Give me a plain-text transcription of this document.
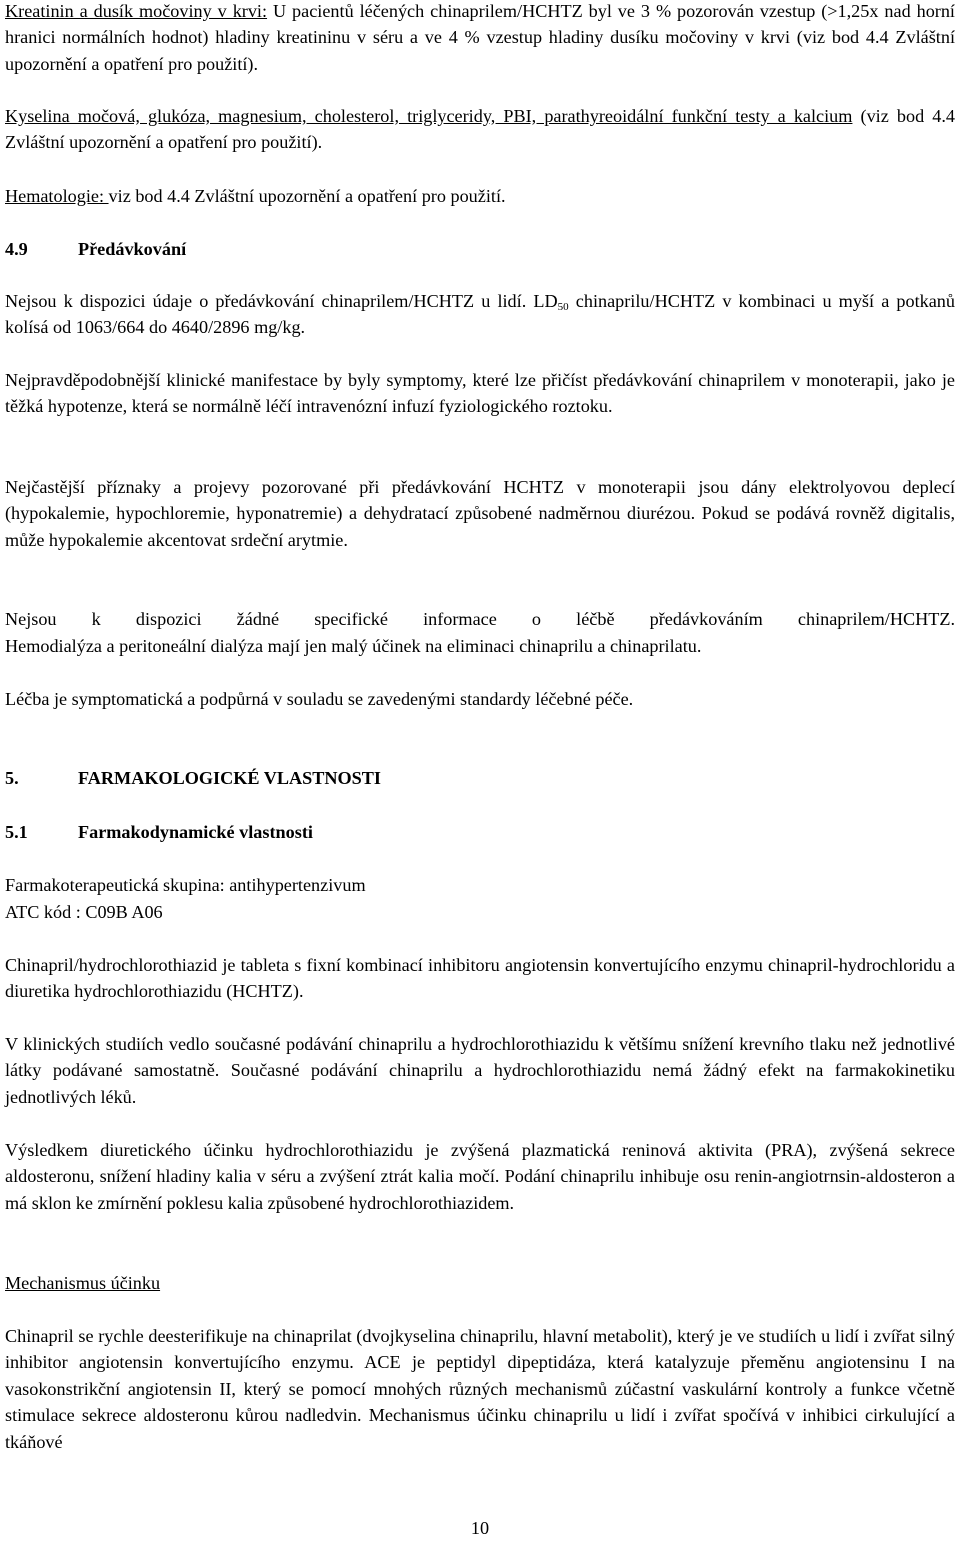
Kreatinin a dusík močoviny v krvi: U pacientů léčených chinaprilem/HCHTZ byl ve 3 % pozorován vzestup (>1,25x nad horní hranici normálních hodnot) hladiny kreatininu v séru a ve 4 % vzestup hladiny dusíku močoviny v krvi (viz bod 4.4 Zvláštní upozornění a opatření pro použití).

Kyselina močová, glukóza, magnesium, cholesterol, triglyceridy, PBI, parathyreoidální funkční testy a kalcium (viz bod 4.4 Zvláštní upozornění a opatření pro použití).

Hematologie: viz bod 4.4 Zvláštní upozornění a opatření pro použití.

4.9	Předávkování

Nejsou k dispozici údaje o předávkování chinaprilem/HCHTZ u lidí. $LD_{50}$ chinaprilu/HCHTZ v kombinaci u myší a potkanů kolísá od 1063/664 do 4640/2896 mg/kg.

Nejpravděpodobnější klinické manifestace by byly symptomy, které lze přičíst předávkování chinaprilem v monoterapii, jako je těžká hypotenze, která se normálně léčí intravenózní infuzí fyziologického roztoku.

Nejčastější příznaky a projevy pozorované při předávkování HCHTZ v monoterapii jsou dány elektrolyovou deplecí (hypokalemie, hypochloremie, hyponatremie) a dehydratací způsobené nadměrnou diurézou. Pokud se podává rovněž digitalis, může hypokalemie akcentovat srdeční arytmie.

Nejsou k dispozici žádné specifické informace o léčbě předávkováním chinaprilem/HCHTZ.

Hemodialýza a peritoneální dialýza mají jen malý účinek na eliminaci chinaprilu a chinaprilatu.

Léčba je symptomatická a podpůrná v souladu se zavedenými standardy léčebné péče.

5.	FARMAKOLOGICKÉ VLASTNOSTI
5.1	Farmakodynamické vlastnosti

Farmakoterapeutická skupina: antihypertenzivum

ATC kód : C09B A06

Chinapril/hydrochlorothiazid je tableta s fixní kombinací inhibitoru angiotensin konvertujícího enzymu chinapril-hydrochloridu a diuretika hydrochlorothiazidu (HCHTZ).

V klinických studiích vedlo současné podávání chinaprilu a hydrochlorothiazidu k většímu snížení krevního tlaku než jednotlivé látky podávané samostatně. Současné podávání chinaprilu a hydrochlorothiazidu nemá žádný efekt na farmakokinetiku jednotlivých léků.

Výsledkem diuretického účinku hydrochlorothiazidu je zvýšená plazmatická reninová aktivita (PRA), zvýšená sekrece aldosteronu, snížení hladiny kalia v séru a zvýšení ztrát kalia močí. Podání chinaprilu inhibuje osu renin-angiotrnsin-aldosteron a má sklon ke zmírnění poklesu kalia způsobené hydrochlorothiazidem.

Mechanismus účinku

Chinapril se rychle deesterifikuje na chinaprilat (dvojkyselina chinaprilu, hlavní metabolit), který je ve studiích u lidí i zvířat silný inhibitor angiotensin konvertujícího enzymu. ACE je peptidyl dipeptidáza, která katalyzuje přeměnu angiotensinu I na vasokonstrikční angiotensin II, který se pomocí mnohých různých mechanismů zúčastní vaskulární kontroly a funkce včetně stimulace sekrece aldosteronu kůrou nadledvin. Mechanismus účinku chinaprilu u lidí i zvířat spočívá v inhibici cirkulující a tkáňové

10
